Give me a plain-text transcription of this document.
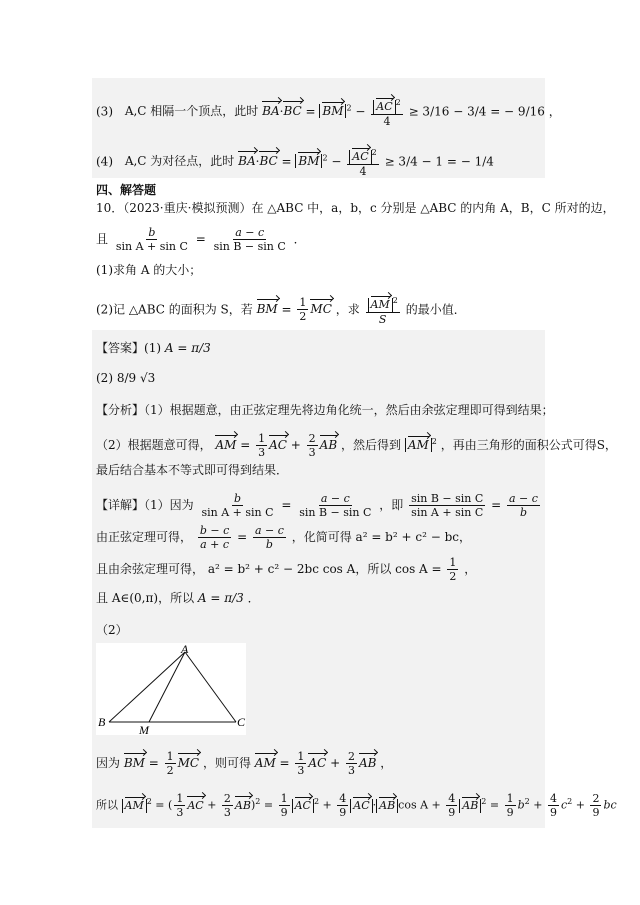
(3) A,C 相隔一个顶点，此时 BA·BC = BM $^2 - \frac{AC ^2}{4} \ge 3/16 - 3/4$ = − 9/16 ，
(4) A,C 为对径点，此时 BA·BC = BM $^2 - \frac{AC ^2}{4} \ge 3/4 - 1$ = − 1/4
四、解答题
10．（2023·重庆·模拟预测）在 △ABC 中，a，b，c 分别是 △ABC 的内角 A，B，C 所对的边，
且 $\frac{b}{\text{sin A + sin C}} = \frac{a - c}{\text{sin B − sin C}}$ ．
(1)求角 A 的大小；
(2)记 △ABC 的面积为 S，若 BM = $\frac{1}{2}$ MC ，求 $\frac{AM ^2}{S}$ 的最小值．
【答案】(1) A = π/3
(2) 8/9 √3
【分析】（1）根据题意，由正弦定理先将边角化统一，然后由余弦定理即可得到结果；
（2）根据题意可得， AM = $\frac{1}{3}$ AC + $\frac{2}{3}$ AB ，然后得到 AM $^2$ ，再由三角形的面积公式可得S，
最后结合基本不等式即可得到结果．
【详解】（1）因为 $\frac{b}{\text{sin A + sin C}} = \frac{a - c}{\text{sin B − sin C}}$ ，即 $\frac{\text{sin B − sin C}}{\text{sin A + sin C}} = \frac{a - c}{b}$
由正弦定理可得， $\frac{b - c}{a + c} = \frac{a - c}{b}$ ，化简可得 a² = b² + c² − bc，
且由余弦定理可得， a² = b² + c² − 2bc cos A，所以 $\cos A = \frac{1}{2}$ ，
且 A∈(0,π)，所以 A = π/3 ．
（2）
A
B	C
M
因为 BM = $\frac{1}{2}$ MC ，则可得 AM = $\frac{1}{3}$ AC + $\frac{2}{3}$ AB ，
所以 AM $^2$ = ( $\frac{1}{3}$ AC + $\frac{2}{3} AB)^2 = \frac{1}{9}$ AC $^2 + \frac{4}{9}$ AC · AB $\cos A + \frac{4}{9}$ AB $^2 = \frac{1}{9} b^2 + \frac{4}{9} c^2 + \frac{2}{9}$ bc
